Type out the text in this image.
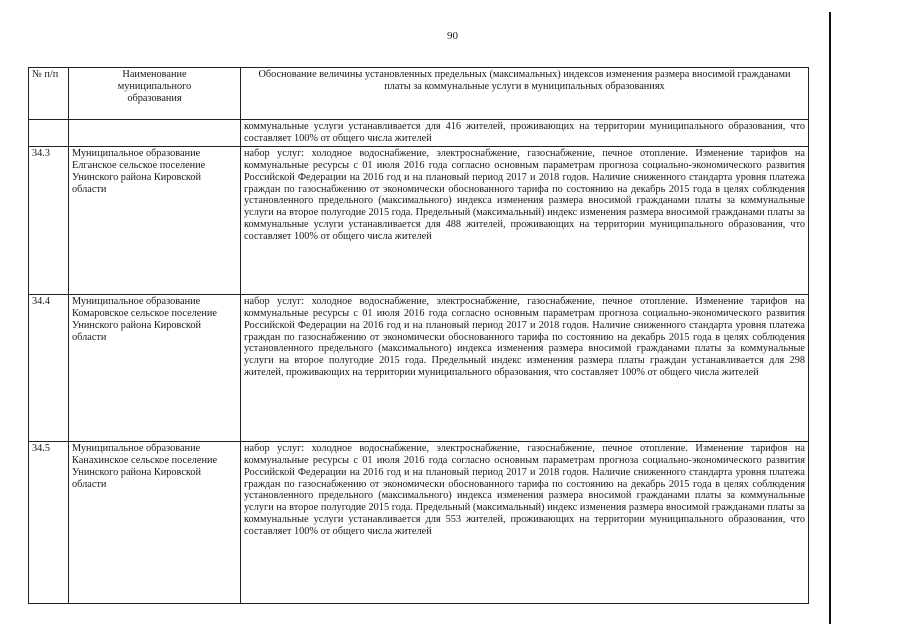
90
№ п/п	Наименование муниципального образования	Обоснование величины установленных предельных (максимальных) индексов изменения размера вносимой гражданами платы за коммунальные услуги в муниципальных образованиях
		коммунальные услуги устанавливается для 416 жителей, проживающих на территории муниципального образования, что составляет 100% от общего числа жителей
34.3	Муниципальное образование Елганское сельское поселение Унинского района Кировской области	набор услуг: холодное водоснабжение, электроснабжение, газоснабжение, печное отопление. Изменение тарифов на коммунальные ресурсы с 01 июля 2016 года согласно основным параметрам прогноза социально-экономического развития Российской Федерации на 2016 год и на плановый период 2017 и 2018 годов. Наличие сниженного стандарта уровня платежа граждан по газоснабжению от экономически обоснованного тарифа по состоянию на декабрь 2015 года в целях соблюдения установленного предельного (максимального) индекса изменения размера вносимой гражданами платы за коммунальные услуги на второе полугодие 2015 года. Предельный (максимальный) индекс изменения размера вносимой гражданами платы за коммунальные услуги устанавливается для 488 жителей, проживающих на территории муниципального образования, что составляет 100% от общего числа жителей
34.4	Муниципальное образование Комаровское сельское поселение Унинского района Кировской области	набор услуг: холодное водоснабжение, электроснабжение, газоснабжение, печное отопление. Изменение тарифов на коммунальные ресурсы с 01 июля 2016 года согласно основным параметрам прогноза социально-экономического развития Российской Федерации на 2016 год и на плановый период 2017 и 2018 годов. Наличие сниженного стандарта уровня платежа граждан по газоснабжению от экономически обоснованного тарифа по состоянию на декабрь 2015 года в целях соблюдения установленного предельного (максимального) индекса изменения размера вносимой гражданами платы за коммунальные услуги на второе полугодие 2015 года. Предельный индекс изменения размера платы граждан устанавливается для 298 жителей, проживающих на территории муниципального образования, что составляет 100% от общего числа жителей
34.5	Муниципальное образование Канахинское сельское поселение Унинского района Кировской области	набор услуг: холодное водоснабжение, электроснабжение, газоснабжение, печное отопление. Изменение тарифов на коммунальные ресурсы с 01 июля 2016 года согласно основным параметрам прогноза социально-экономического развития Российской Федерации на 2016 год и на плановый период 2017 и 2018 годов. Наличие сниженного стандарта уровня платежа граждан по газоснабжению от экономически обоснованного тарифа по состоянию на декабрь 2015 года в целях соблюдения установленного предельного (максимального) индекса изменения размера вносимой гражданами платы за коммунальные услуги на второе полугодие 2015 года. Предельный (максимальный) индекс изменения размера вносимой гражданами платы за коммунальные услуги устанавливается для 553 жителей, проживающих на территории муниципального образования, что составляет 100% от общего числа жителей
